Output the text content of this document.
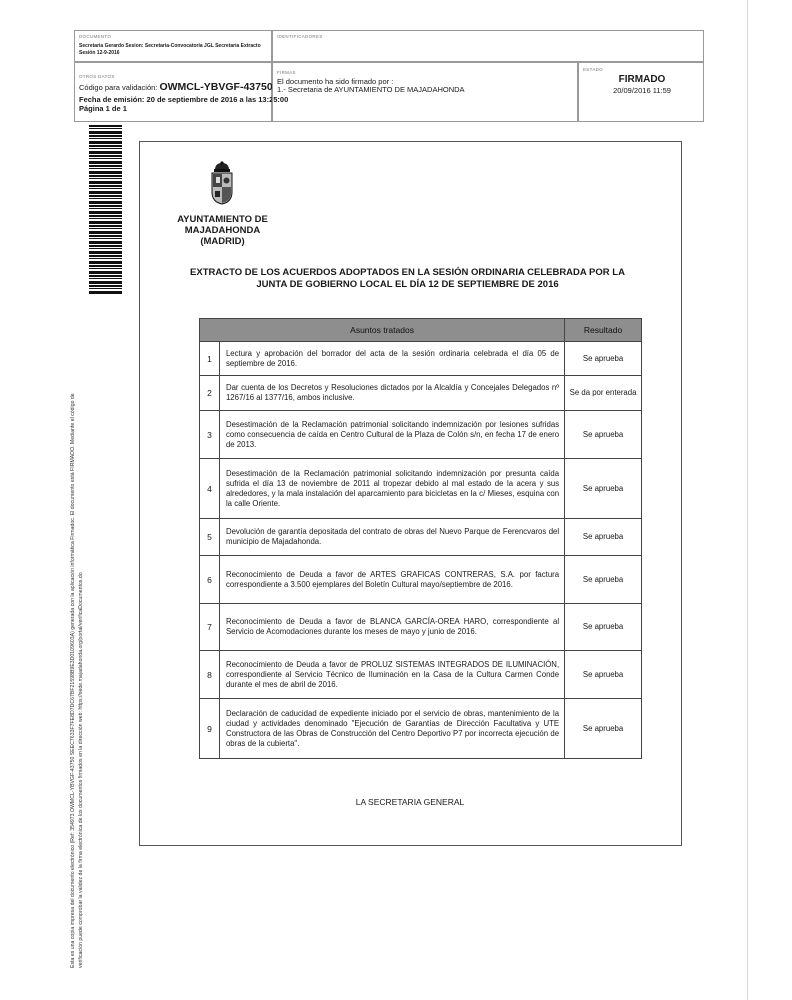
DOCUMENTO
Secretaria Gerardo Sesion: Secretaria-Convocatoria JGL Secretaria Extracto Sesión 12-9-2016
IDENTIFICADORES
OTROS DATOS
Código para validación: OWMCL-YBVGF-43750
Fecha de emisión: 20 de septiembre de 2016 a las 13:25:00
Página 1 de 1
FIRMAS
El documento ha sido firmado por :
1.- Secretaria de AYUNTAMIENTO DE MAJADAHONDA
ESTADO
FIRMADO
20/09/2016 11:59
Esta es una copia impresa del documento electrónico (Ref: 354973 OWMCL-YBVGF-43750 SEEC7633F7FE8D7DC67BF21598B9E3D0109603A) generada con la aplicación informática Firmadoc. El documento está FIRMADO. Mediante el código de verificación puede comprobar la validez de la firma electrónica de los documentos firmados en la dirección web: https://sede.majadahonda.org/portal/verificaDocumentos.do
AYUNTAMIENTO DE
MAJADAHONDA
(MADRID)
EXTRACTO DE LOS ACUERDOS ADOPTADOS EN LA SESIÓN ORDINARIA CELEBRADA POR LA
JUNTA DE GOBIERNO LOCAL EL DÍA 12 DE SEPTIEMBRE DE 2016
Asuntos tratados		Resultado
1	Lectura y aprobación del borrador del acta de la sesión ordinaria celebrada el día 05 de septiembre de 2016.	Se aprueba
2	Dar cuenta de los Decretos y Resoluciones dictados por la Alcaldía y Concejales Delegados nº 1267/16 al 1377/16, ambos inclusive.	Se da por enterada
3	Desestimación de la Reclamación patrimonial solicitando indemnización por lesiones sufridas como consecuencia de caída en Centro Cultural de la Plaza de Colón s/n, en fecha 17 de enero de 2013.	Se aprueba
4	Desestimación de la Reclamación patrimonial solicitando indemnización por presunta caída sufrida el día 13 de noviembre de 2011 al tropezar debido al mal estado de la acera y sus alrededores, y la mala instalación del aparcamiento para bicicletas en la c/ Mieses, esquina con la calle Oriente.	Se aprueba
5	Devolución de garantía depositada del contrato de obras del Nuevo Parque de Ferencvaros del municipio de Majadahonda.	Se aprueba
6	Reconocimiento de Deuda a favor de ARTES GRAFICAS CONTRERAS, S.A. por factura correspondiente a 3.500 ejemplares del Boletín Cultural mayo/septiembre de 2016.	Se aprueba
7	Reconocimiento de Deuda a favor de BLANCA GARCÍA-OREA HARO, correspondiente al Servicio de Acomodaciones durante los meses de mayo y junio de 2016.	Se aprueba
8	Reconocimiento de Deuda a favor de PROLUZ SISTEMAS INTEGRADOS DE ILUMINACIÓN, correspondiente al Servicio Técnico de Iluminación en la Casa de la Cultura Carmen Conde durante el mes de abril de 2016.	Se aprueba
9	Declaración de caducidad de expediente iniciado por el servicio de obras, mantenimiento de la ciudad y actividades denominado "Ejecución de Garantías de Dirección Facultativa y UTE Constructora de las Obras de Construcción del Centro Deportivo P7 por incorrecta ejecución de obras de la cubierta".	Se aprueba
LA SECRETARIA GENERAL
